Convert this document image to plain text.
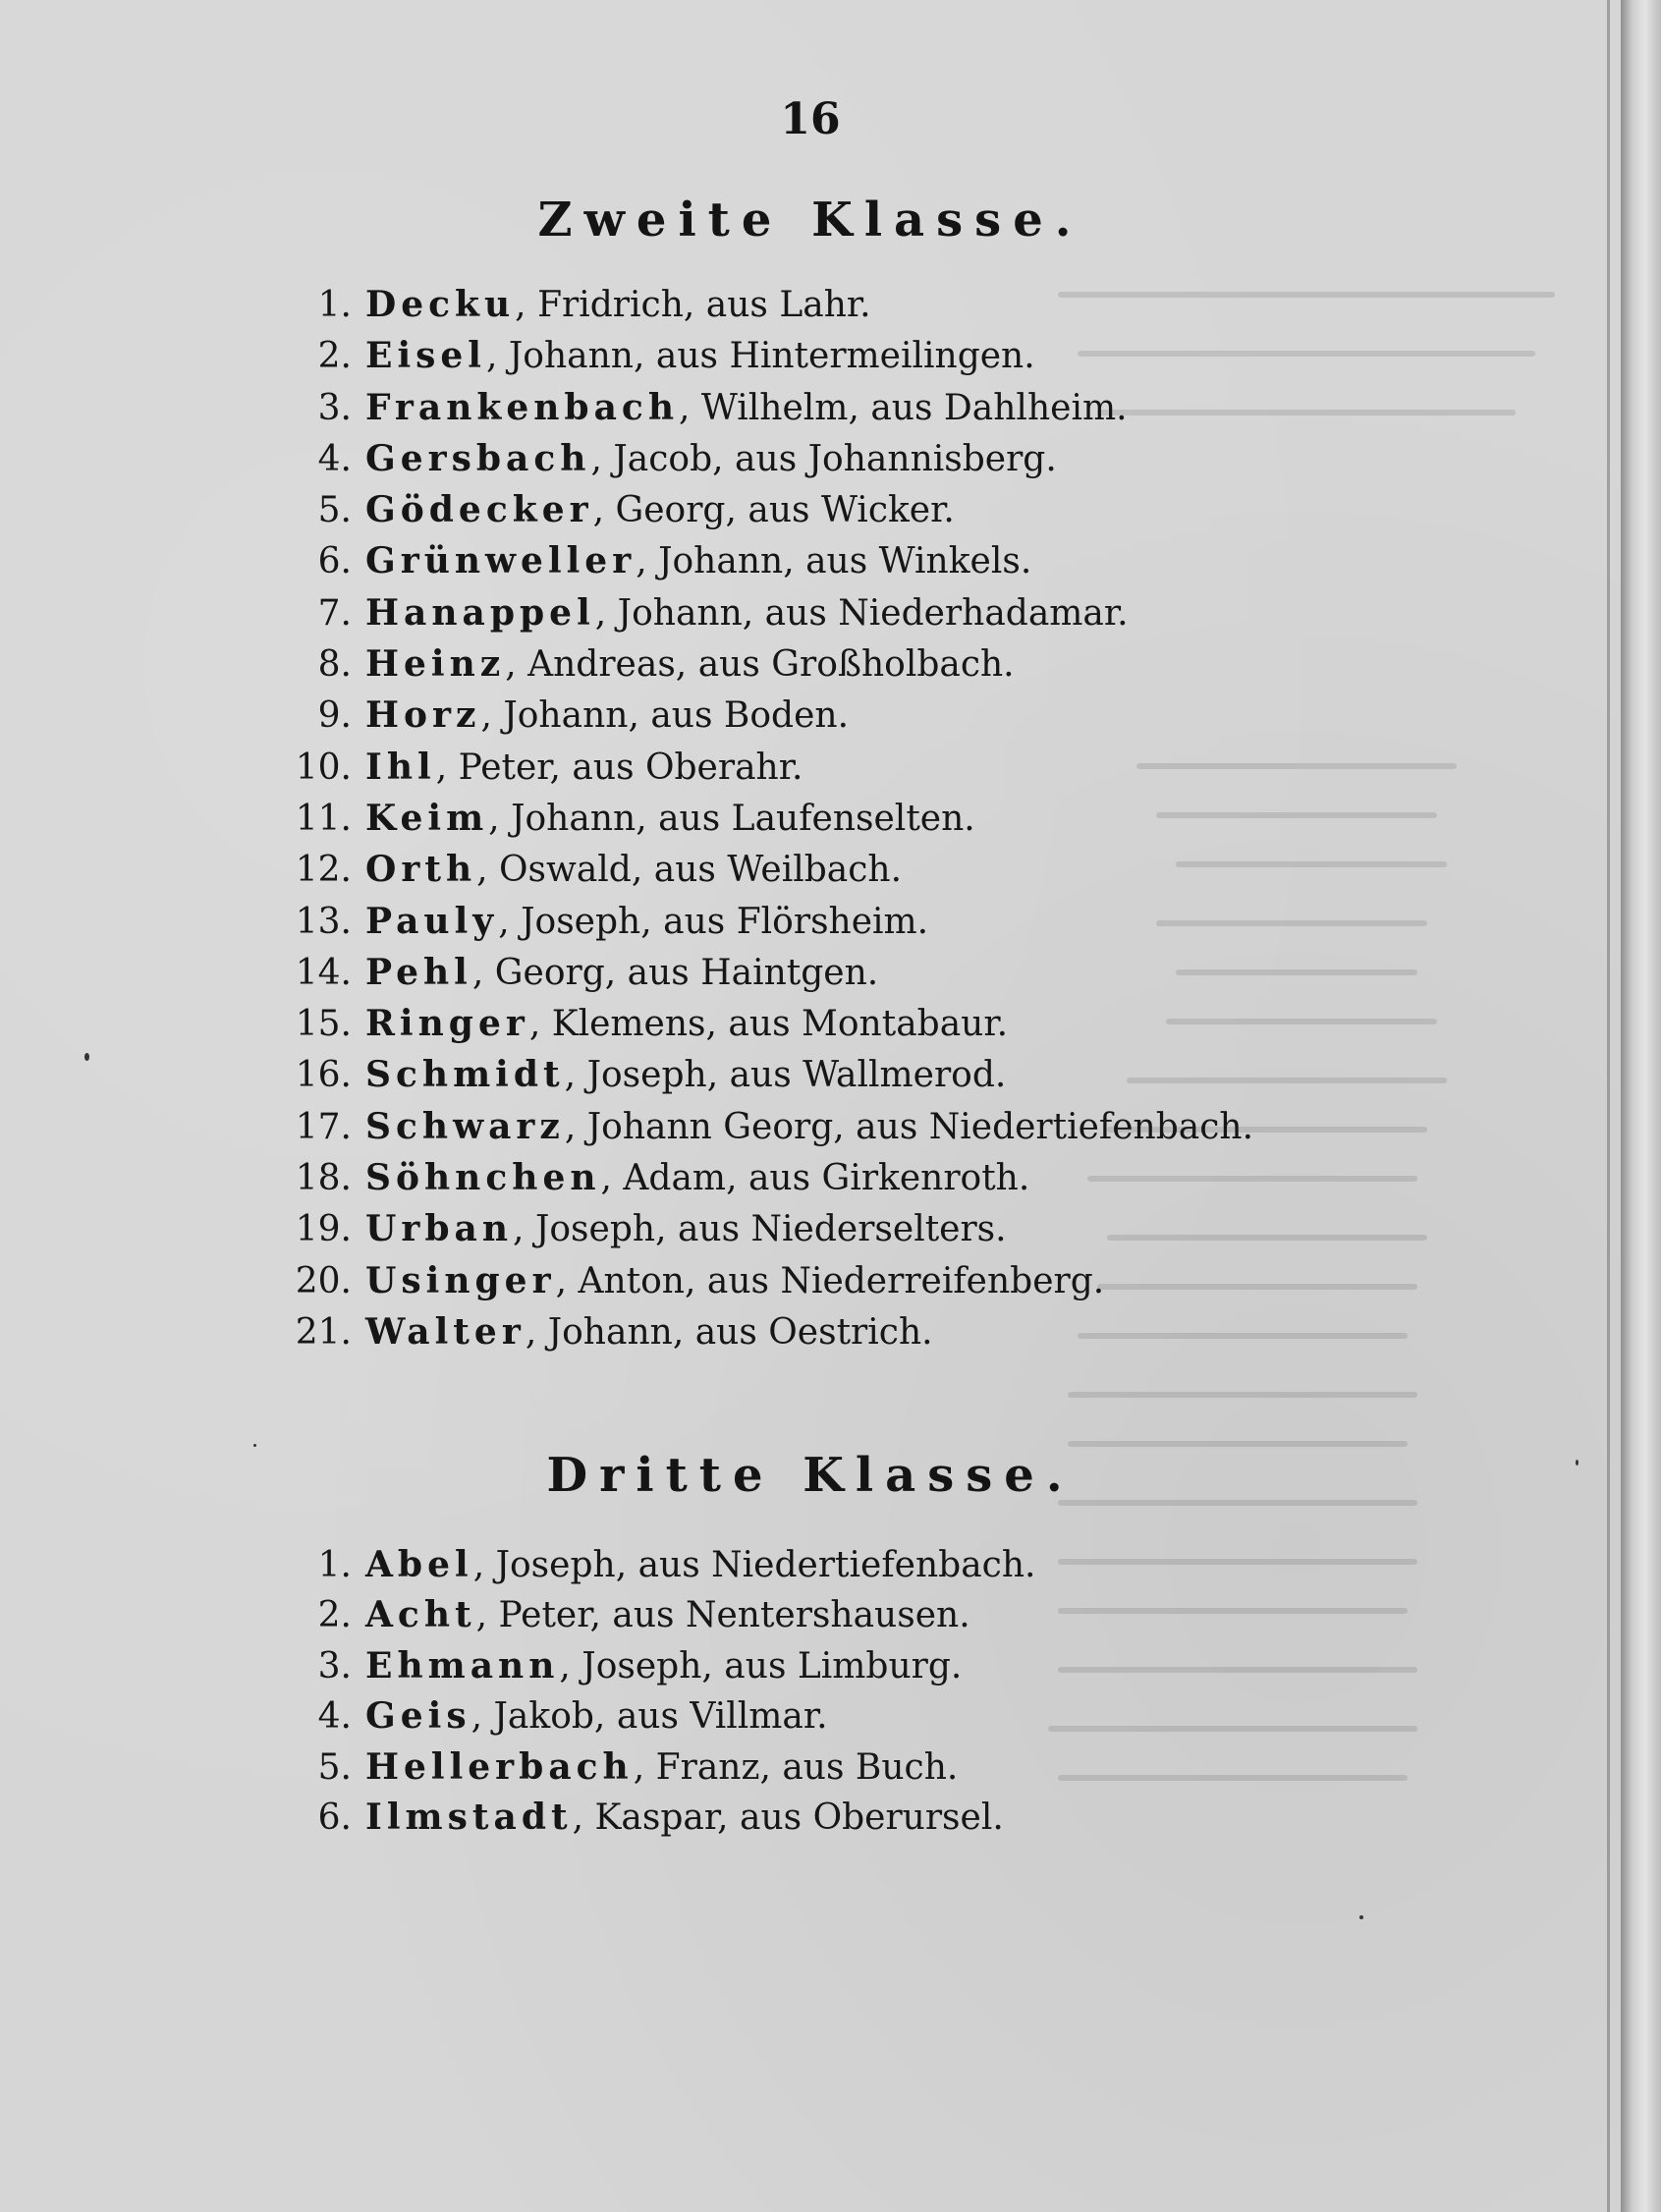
16
Zweite Klasse.
1. Decku, Fridrich, aus Lahr.
2. Eisel, Johann, aus Hintermeilingen.
3. Frankenbach, Wilhelm, aus Dahlheim.
4. Gersbach, Jacob, aus Johannisberg.
5. Gödecker, Georg, aus Wicker.
6. Grünweller, Johann, aus Winkels.
7. Hanappel, Johann, aus Niederhadamar.
8. Heinz, Andreas, aus Großholbach.
9. Horz, Johann, aus Boden.
10. Ihl, Peter, aus Oberahr.
11. Keim, Johann, aus Laufenselten.
12. Orth, Oswald, aus Weilbach.
13. Pauly, Joseph, aus Flörsheim.
14. Pehl, Georg, aus Haintgen.
15. Ringer, Klemens, aus Montabaur.
16. Schmidt, Joseph, aus Wallmerod.
17. Schwarz, Johann Georg, aus Niedertiefenbach.
18. Söhnchen, Adam, aus Girkenroth.
19. Urban, Joseph, aus Niederselters.
20. Usinger, Anton, aus Niederreifenberg.
21. Walter, Johann, aus Oestrich.
Dritte Klasse.
1. Abel, Joseph, aus Niedertiefenbach.
2. Acht, Peter, aus Nentershausen.
3. Ehmann, Joseph, aus Limburg.
4. Geis, Jakob, aus Villmar.
5. Hellerbach, Franz, aus Buch.
6. Ilmstadt, Kaspar, aus Oberursel.
